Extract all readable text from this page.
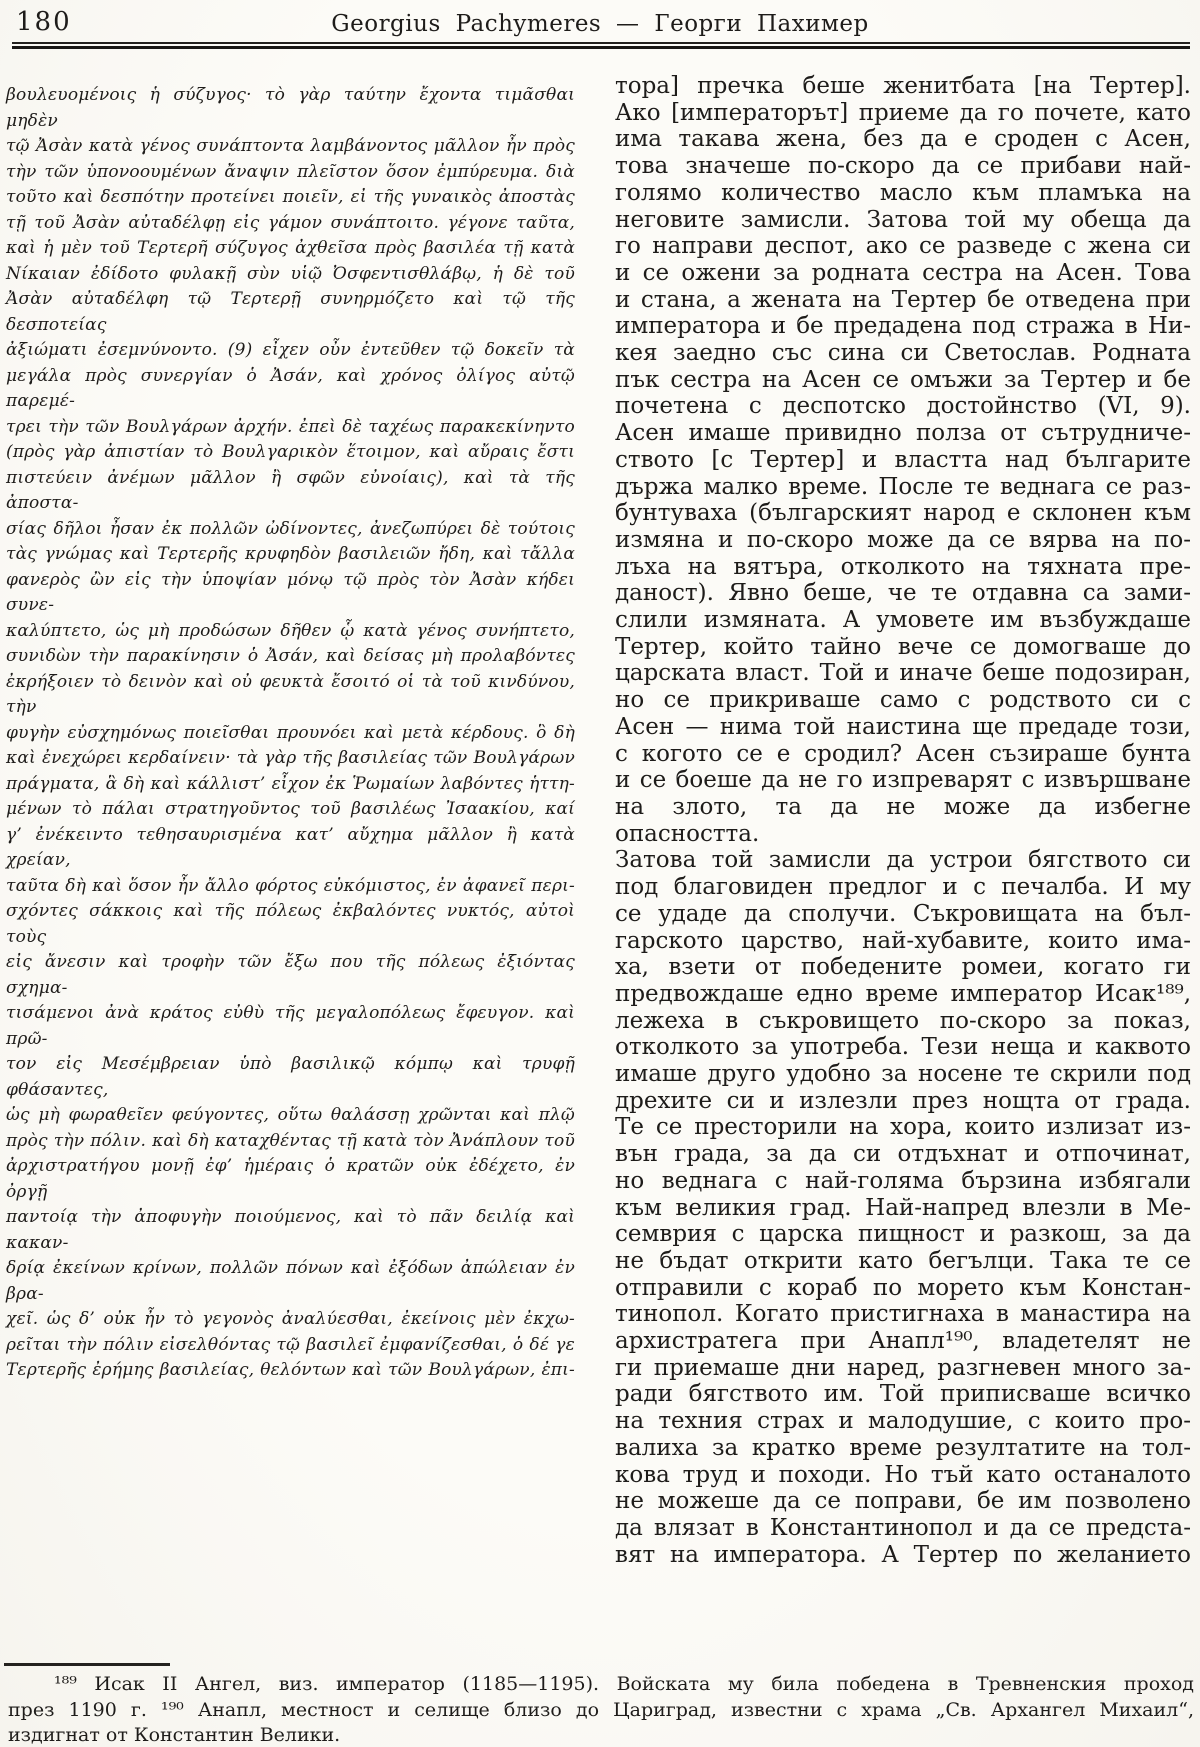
180	Georgius Pachymeres — Георги Пахимер
βουλευομένοις ἡ σύζυγος· τὸ γὰρ ταύτην ἔχοντα τιμᾶσθαι μηδὲν
τῷ Ἀσὰν κατὰ γένος συνάπτοντα λαμβάνοντος μᾶλλον ἦν πρὸς
τὴν τῶν ὑπονοουμένων ἄναψιν πλεῖστον ὅσον ἐμπύρευμα. διὰ
τοῦτο καὶ δεσπότην προτείνει ποιεῖν, εἰ τῆς γυναικὸς ἀποστὰς
τῇ τοῦ Ἀσὰν αὐταδέλφῃ εἰς γάμον συνάπτοιτο. γέγονε ταῦτα,
καὶ ἡ μὲν τοῦ Τερτερῆ σύζυγος ἀχθεῖσα πρὸς βασιλέα τῇ κατὰ
Νίκαιαν ἐδίδοτο φυλακῇ σὺν υἱῷ Ὀσφεντισθλάβῳ, ἡ δὲ τοῦ
Ἀσὰν αὐταδέλφη τῷ Τερτερῇ συνηρμόζετο καὶ τῷ τῆς δεσποτείας
ἀξιώματι ἐσεμνύνοντο. (9) εἶχεν οὖν ἐντεῦθεν τῷ δοκεῖν τὰ
μεγάλα πρὸς συνεργίαν ὁ Ἀσάν, καὶ χρόνος ὀλίγος αὐτῷ παρεμέ-
τρει τὴν τῶν Βουλγάρων ἀρχήν. ἐπεὶ δὲ ταχέως παρακεκίνηντο
(πρὸς γὰρ ἀπιστίαν τὸ Βουλγαρικὸν ἕτοιμον, καὶ αὔραις ἔστι
πιστεύειν ἀνέμων μᾶλλον ἢ σφῶν εὐνοίαις), καὶ τὰ τῆς ἀποστα-
σίας δῆλοι ἦσαν ἐκ πολλῶν ὠδίνοντες, ἀνεζωπύρει δὲ τούτοις
τὰς γνώμας καὶ Τερτερῆς κρυφηδὸν βασιλειῶν ἤδη, καὶ τἄλλα
φανερὸς ὢν εἰς τὴν ὑποψίαν μόνῳ τῷ πρὸς τὸν Ἀσὰν κήδει συνε-
καλύπτετο, ὡς μὴ προδώσων δῆθεν ᾧ κατὰ γένος συνήπτετο,
συνιδὼν τὴν παρακίνησιν ὁ Ἀσάν, καὶ δείσας μὴ προλαβόντες
ἐκρήξοιεν τὸ δεινὸν καὶ οὐ φευκτὰ ἔσοιτό οἱ τὰ τοῦ κινδύνου, τὴν
φυγὴν εὐσχημόνως ποιεῖσθαι προυνόει καὶ μετὰ κέρδους. ὃ δὴ
καὶ ἐνεχώρει κερδαίνειν· τὰ γὰρ τῆς βασιλείας τῶν Βουλγάρων
πράγματα, ἃ δὴ καὶ κάλλιστ’ εἶχον ἐκ Ῥωμαίων λαβόντες ἡττη-
μένων τὸ πάλαι στρατηγοῦντος τοῦ βασιλέως Ἰσαακίου, καί
γ’ ἐνέκειντο τεθησαυρισμένα κατ’ αὔχημα μᾶλλον ἢ κατὰ χρείαν,
ταῦτα δὴ καὶ ὅσον ἦν ἄλλο φόρτος εὐκόμιστος, ἐν ἀφανεῖ περι-
σχόντες σάκκοις καὶ τῆς πόλεως ἐκβαλόντες νυκτός, αὐτοὶ τοὺς
εἰς ἄνεσιν καὶ τροφὴν τῶν ἔξω που τῆς πόλεως ἐξιόντας σχημα-
τισάμενοι ἀνὰ κράτος εὐθὺ τῆς μεγαλοπόλεως ἔφευγον. καὶ πρῶ-
τον εἰς Μεσέμβρειαν ὑπὸ βασιλικῷ κόμπῳ καὶ τρυφῇ φθάσαντες,
ὡς μὴ φωραθεῖεν φεύγοντες, οὕτω θαλάσσῃ χρῶνται καὶ πλῷ
πρὸς τὴν πόλιν. καὶ δὴ καταχθέντας τῇ κατὰ τὸν Ἀνάπλουν τοῦ
ἀρχιστρατήγου μονῇ ἐφ’ ἡμέραις ὁ κρατῶν οὐκ ἐδέχετο, ἐν ὀργῇ
παντοίᾳ τὴν ἀποφυγὴν ποιούμενος, καὶ τὸ πᾶν δειλίᾳ καὶ κακαν-
δρίᾳ ἐκείνων κρίνων, πολλῶν πόνων καὶ ἐξόδων ἀπώλειαν ἐν βρα-
χεῖ. ὡς δ’ οὐκ ἦν τὸ γεγονὸς ἀναλύεσθαι, ἐκείνοις μὲν ἐκχω-
ρεῖται τὴν πόλιν εἰσελθόντας τῷ βασιλεῖ ἐμφανίζεσθαι, ὁ δέ γε
Τερτερῆς ἐρήμης βασιλείας, θελόντων καὶ τῶν Βουλγάρων, ἐπι-
тора] пречка беше женитбата [на Тертер].
Ако [императорът] приеме да го почете, като
има такава жена, без да е сроден с Асен,
това значеше по-скоро да се прибави най-
голямо количество масло към пламъка на
неговите замисли. Затова той му обеща да
го направи деспот, ако се разведе с жена си
и се ожени за родната сестра на Асен. Това
и стана, а жената на Тертер бе отведена при
императора и бе предадена под стража в Ни-
кея заедно със сина си Светослав. Родната
пък сестра на Асен се омъжи за Тертер и бе
почетена с деспотско достойнство (VI, 9).
Асен имаше привидно полза от сътрудниче-
ството [с Тертер] и властта над българите
държа малко време. После те веднага се раз-
бунтуваха (българският народ е склонен към
измяна и по-скоро може да се вярва на по-
лъха на вятъра, отколкото на тяхната пре-
даност). Явно беше, че те отдавна са зами-
слили измяната. А умовете им възбуждаше
Тертер, който тайно вече се домогваше до
царската власт. Той и иначе беше подозиран,
но се прикриваше само с родството си с
Асен — нима той наистина ще предаде този,
с когото се е сродил? Асен съзираше бунта
и се боеше да не го изпреварят с извършване
на злото, та да не може да избегне опасността.
Затова той замисли да устрои бягството си
под благовиден предлог и с печалба. И му
се удаде да сполучи. Съкровищата на бъл-
гарското царство, най-хубавите, които има-
ха, взети от победените ромеи, когато ги
предвождаше едно време император Исак¹⁸⁹,
лежеха в съкровището по-скоро за показ,
отколкото за употреба. Тези неща и каквото
имаше друго удобно за носене те скрили под
дрехите си и излезли през нощта от града.
Те се престорили на хора, които излизат из-
вън града, за да си отдъхнат и отпочинат,
но веднага с най-голяма бързина избягали
към великия град. Най-напред влезли в Ме-
семврия с царска пищност и разкош, за да
не бъдат открити като бегълци. Така те се
отправили с кораб по морето към Констан-
тинопол. Когато пристигнаха в манастира на
архистратега при Анапл¹⁹⁰, владетелят не
ги приемаше дни наред, разгневен много за-
ради бягството им. Той приписваше всичко
на техния страх и малодушие, с които про-
валиха за кратко време резултатите на тол-
кова труд и походи. Но тъй като останалото
не можеше да се поправи, бе им позволено
да влязат в Константинопол и да се предста-
вят на императора. А Тертер по желанието
¹⁸⁹ Исак II Ангел, виз. император (1185—1195). Войската му била победена в Тревненския проход
през 1190 г. ¹⁹⁰ Анапл, местност и селище близо до Цариград, известни с храма „Св. Архангел Михаил“,
издигнат от Константин Велики.
